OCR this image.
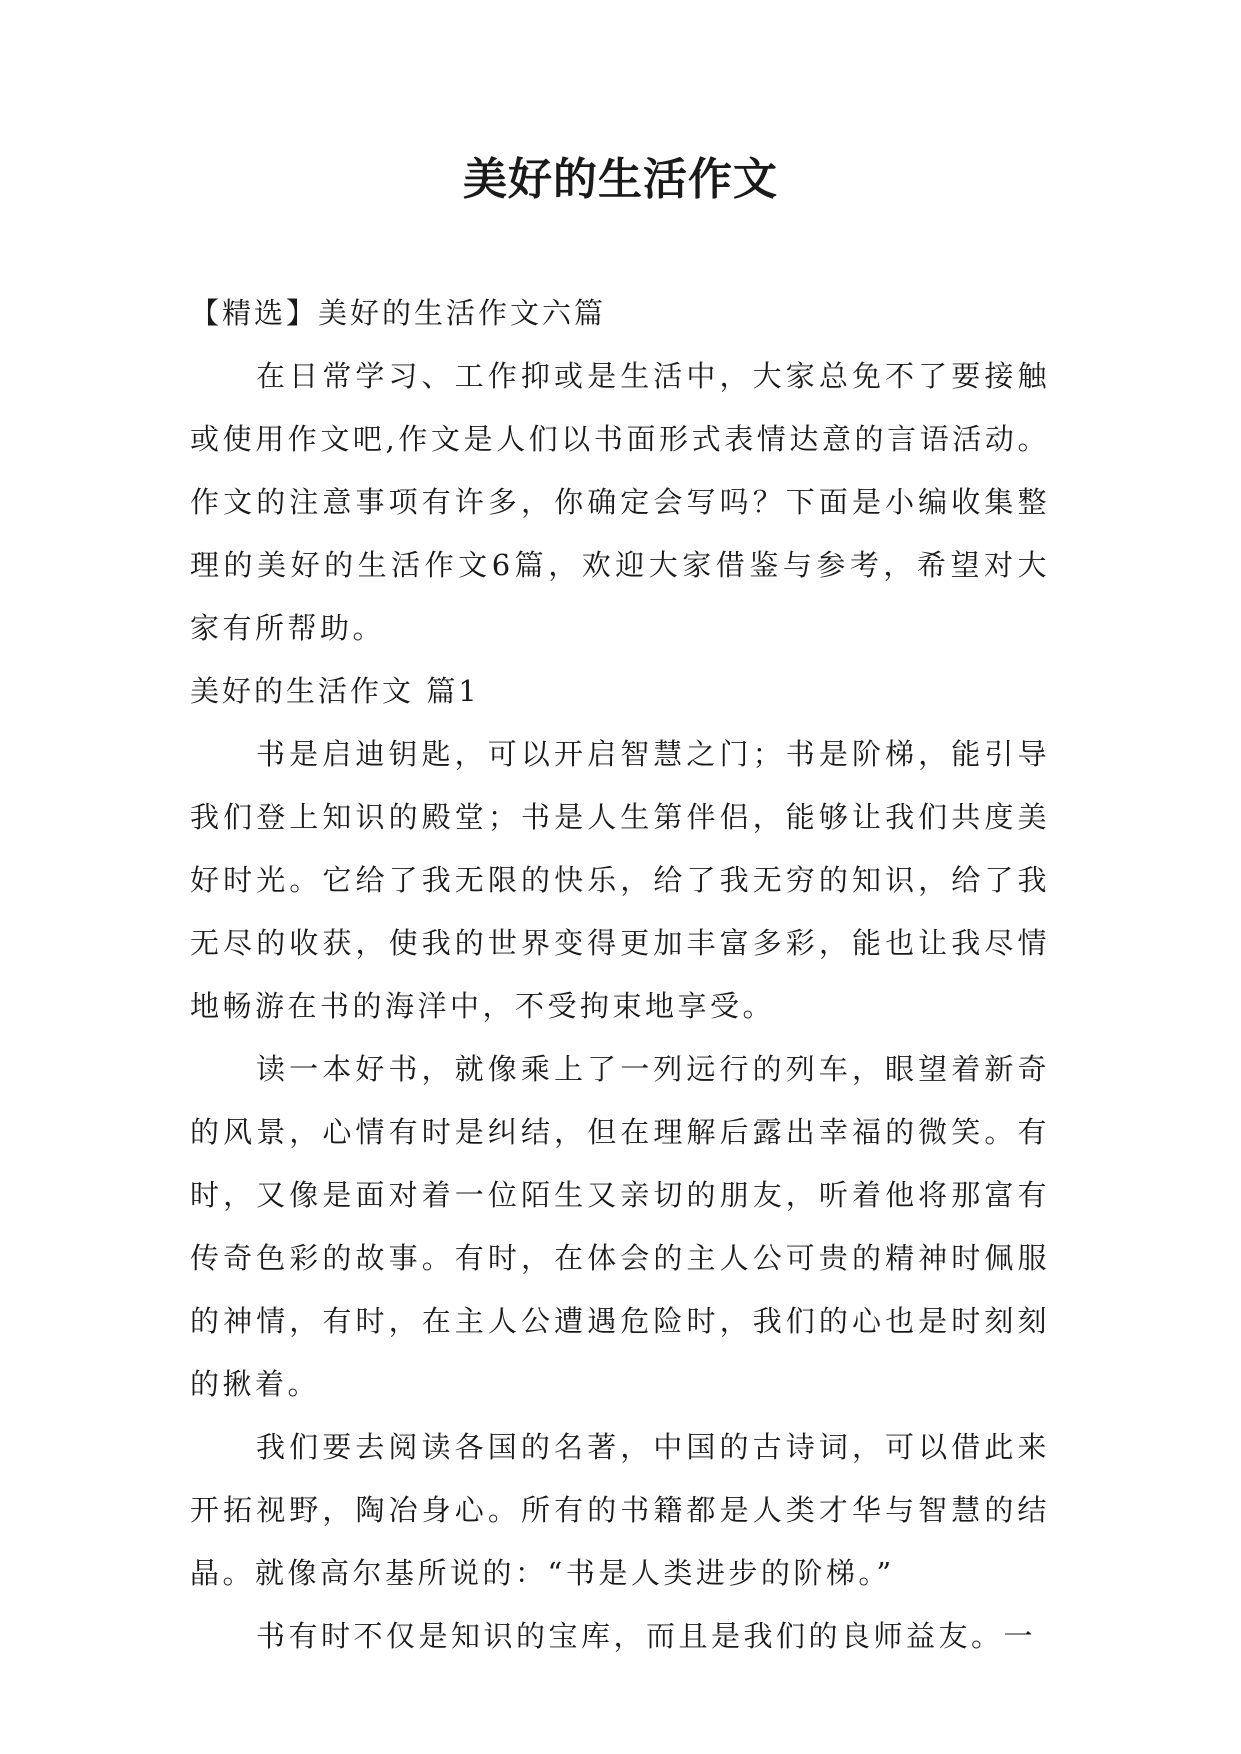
美好的生活作文

【精选】美好的生活作文六篇

在日常学习、工作抑或是生活中，大家总免不了要接触或使用作文吧,作文是人们以书面形式表情达意的言语活动。作文的注意事项有许多，你确定会写吗？下面是小编收集整理的美好的生活作文6篇，欢迎大家借鉴与参考，希望对大家有所帮助。

美好的生活作文 篇1

书是启迪钥匙，可以开启智慧之门；书是阶梯，能引导我们登上知识的殿堂；书是人生第伴侣，能够让我们共度美好时光。它给了我无限的快乐，给了我无穷的知识，给了我无尽的收获，使我的世界变得更加丰富多彩，能也让我尽情地畅游在书的海洋中，不受拘束地享受。

读一本好书，就像乘上了一列远行的列车，眼望着新奇的风景，心情有时是纠结，但在理解后露出幸福的微笑。有时，又像是面对着一位陌生又亲切的朋友，听着他将那富有传奇色彩的故事。有时，在体会的主人公可贵的精神时佩服的神情，有时，在主人公遭遇危险时，我们的心也是时刻刻的揪着。

我们要去阅读各国的名著，中国的古诗词，可以借此来开拓视野，陶冶身心。所有的书籍都是人类才华与智慧的结晶。就像高尔基所说的：“书是人类进步的阶梯。”

书有时不仅是知识的宝库，而且是我们的良师益友。一
